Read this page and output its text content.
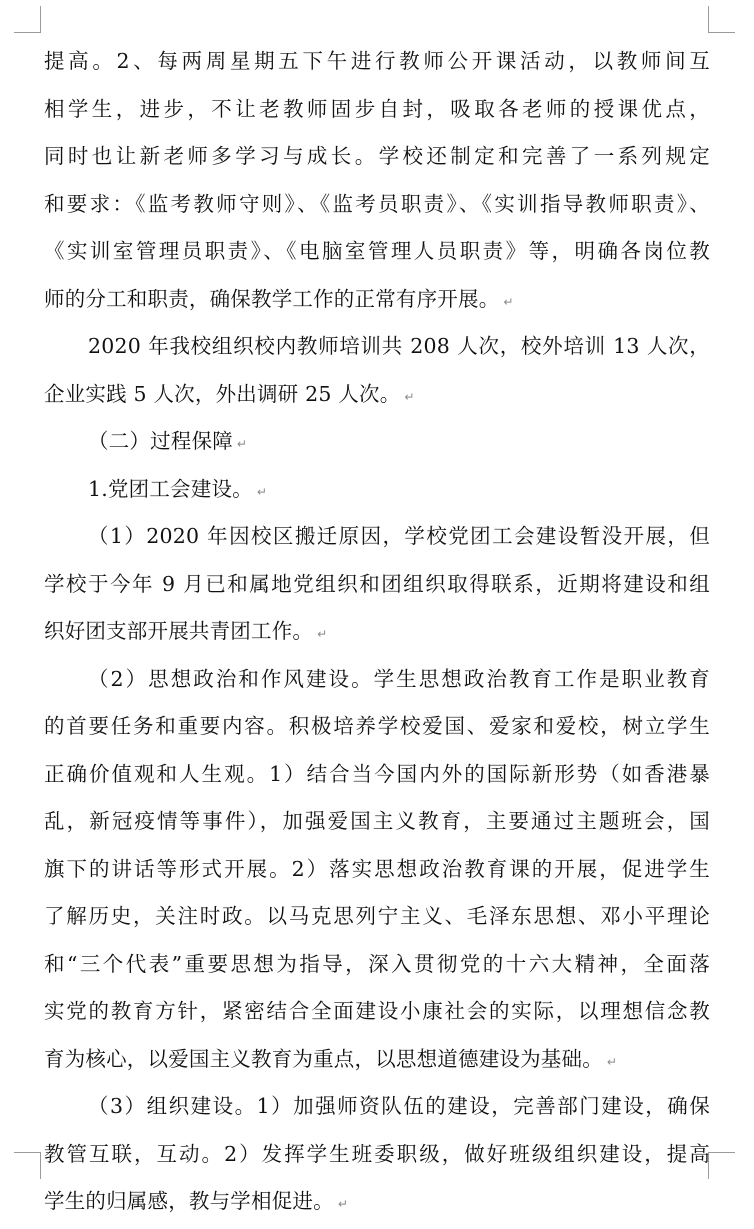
提高。2、每两周星期五下午进行教师公开课活动，以教师间互
相学生，进步，不让老教师固步自封，吸取各老师的授课优点，
同时也让新老师多学习与成长。学校还制定和完善了一系列规定
和要求：《监考教师守则》、《监考员职责》、《实训指导教师职责》、
《实训室管理员职责》、《电脑室管理人员职责》等，明确各岗位教
师的分工和职责，确保教学工作的正常有序开展。 ↵
2020 年我校组织校内教师培训共 208 人次，校外培训 13 人次，
企业实践 5 人次，外出调研 25 人次。 ↵
（二）过程保障 ↵
1.党团工会建设。 ↵
（1）2020 年因校区搬迁原因，学校党团工会建设暂没开展，但
学校于今年 9 月已和属地党组织和团组织取得联系，近期将建设和组
织好团支部开展共青团工作。 ↵
（2）思想政治和作风建设。学生思想政治教育工作是职业教育
的首要任务和重要内容。积极培养学校爱国、爱家和爱校，树立学生
正确价值观和人生观。1）结合当今国内外的国际新形势（如香港暴
乱，新冠疫情等事件），加强爱国主义教育，主要通过主题班会，国
旗下的讲话等形式开展。2）落实思想政治教育课的开展，促进学生
了解历史，关注时政。以马克思列宁主义、毛泽东思想、邓小平理论
和“三个代表”重要思想为指导，深入贯彻党的十六大精神，全面落
实党的教育方针，紧密结合全面建设小康社会的实际，以理想信念教
育为核心，以爱国主义教育为重点，以思想道德建设为基础。 ↵
（3）组织建设。1）加强师资队伍的建设，完善部门建设，确保
教管互联，互动。2）发挥学生班委职级，做好班级组织建设，提高
学生的归属感，教与学相促进。 ↵
